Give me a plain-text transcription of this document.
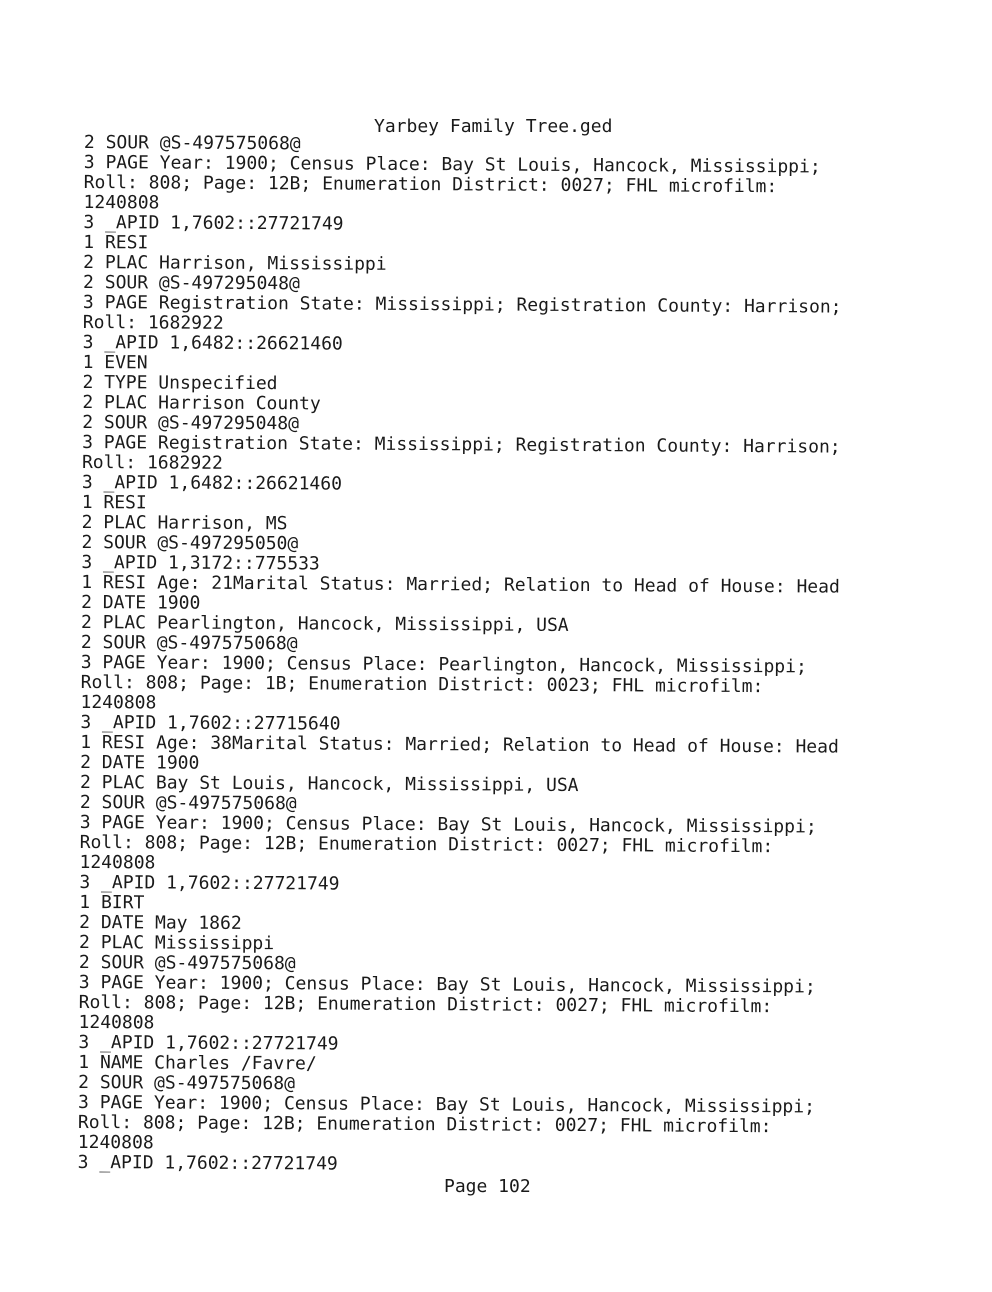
Yarbey Family Tree.ged
2 SOUR @S-497575068@
3 PAGE Year: 1900; Census Place: Bay St Louis, Hancock, Mississippi;
Roll: 808; Page: 12B; Enumeration District: 0027; FHL microfilm:
1240808
3 _APID 1,7602::27721749
1 RESI
2 PLAC Harrison, Mississippi
2 SOUR @S-497295048@
3 PAGE Registration State: Mississippi; Registration County: Harrison;
Roll: 1682922
3 _APID 1,6482::26621460
1 EVEN
2 TYPE Unspecified
2 PLAC Harrison County
2 SOUR @S-497295048@
3 PAGE Registration State: Mississippi; Registration County: Harrison;
Roll: 1682922
3 _APID 1,6482::26621460
1 RESI
2 PLAC Harrison, MS
2 SOUR @S-497295050@
3 _APID 1,3172::775533
1 RESI Age: 21Marital Status: Married; Relation to Head of House: Head
2 DATE 1900
2 PLAC Pearlington, Hancock, Mississippi, USA
2 SOUR @S-497575068@
3 PAGE Year: 1900; Census Place: Pearlington, Hancock, Mississippi;
Roll: 808; Page: 1B; Enumeration District: 0023; FHL microfilm:
1240808
3 _APID 1,7602::27715640
1 RESI Age: 38Marital Status: Married; Relation to Head of House: Head
2 DATE 1900
2 PLAC Bay St Louis, Hancock, Mississippi, USA
2 SOUR @S-497575068@
3 PAGE Year: 1900; Census Place: Bay St Louis, Hancock, Mississippi;
Roll: 808; Page: 12B; Enumeration District: 0027; FHL microfilm:
1240808
3 _APID 1,7602::27721749
1 BIRT
2 DATE May 1862
2 PLAC Mississippi
2 SOUR @S-497575068@
3 PAGE Year: 1900; Census Place: Bay St Louis, Hancock, Mississippi;
Roll: 808; Page: 12B; Enumeration District: 0027; FHL microfilm:
1240808
3 _APID 1,7602::27721749
1 NAME Charles /Favre/
2 SOUR @S-497575068@
3 PAGE Year: 1900; Census Place: Bay St Louis, Hancock, Mississippi;
Roll: 808; Page: 12B; Enumeration District: 0027; FHL microfilm:
1240808
3 _APID 1,7602::27721749
Page 102
